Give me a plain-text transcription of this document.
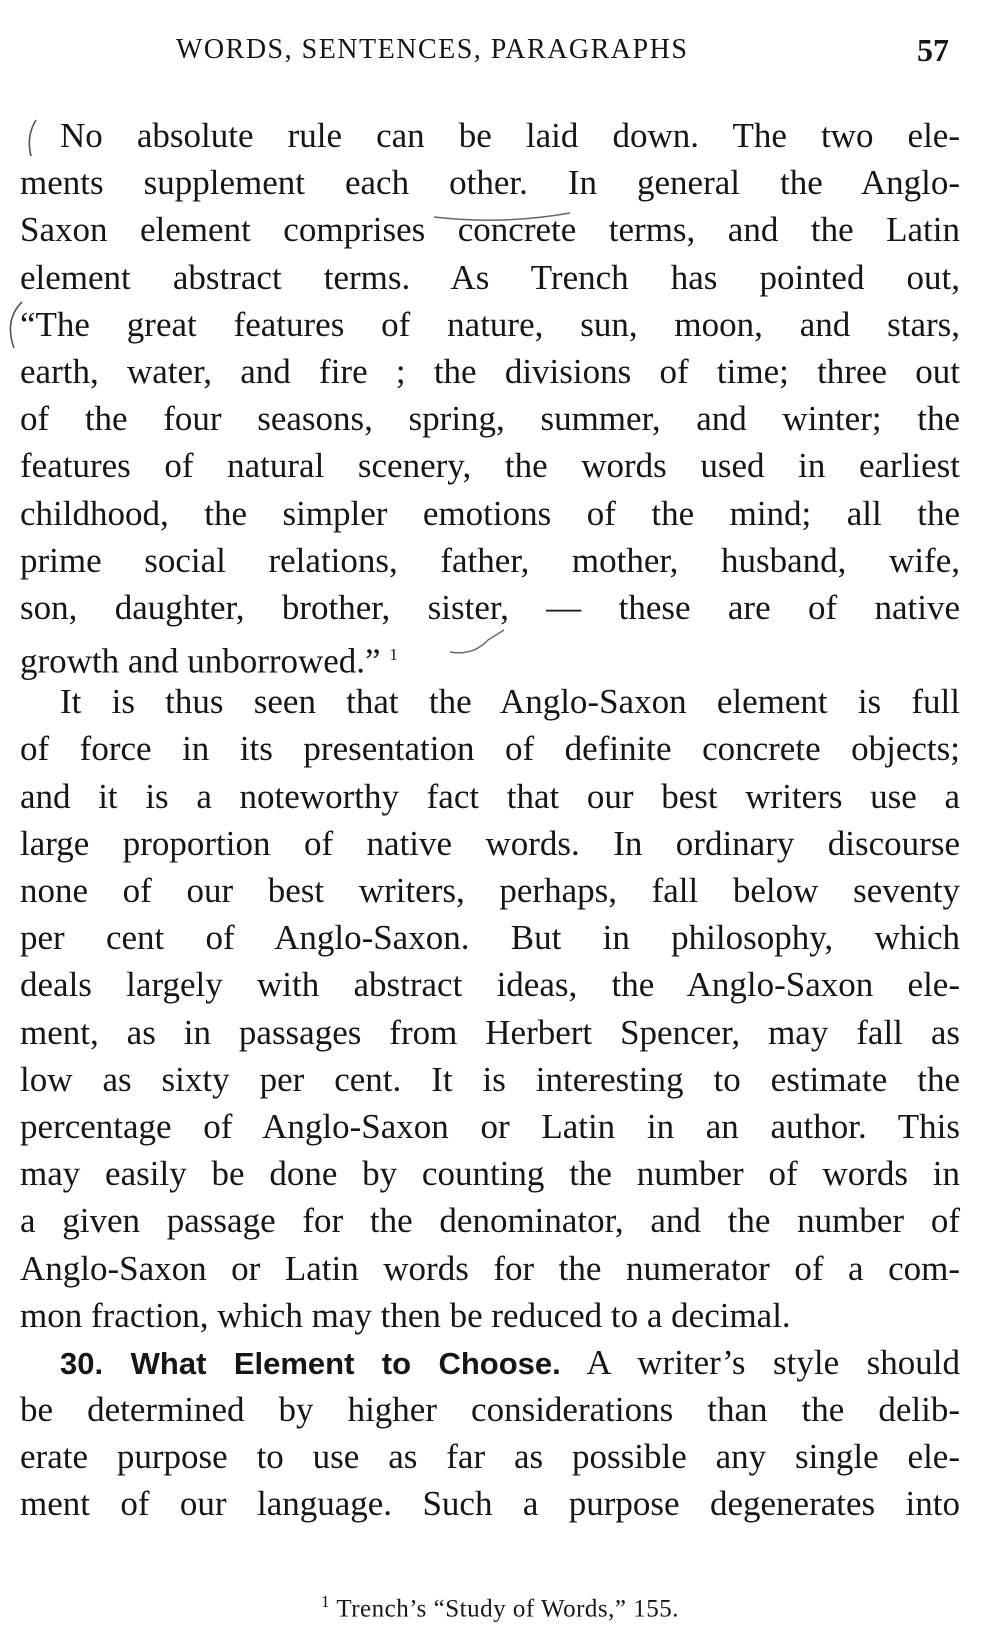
WORDS, SENTENCES, PARAGRAPHS	57
No absolute rule can be laid down. The two ele-
ments supplement each other. In general the Anglo-
Saxon element comprises concrete terms, and the Latin
element abstract terms. As Trench has pointed out,
“The great features of nature, sun, moon, and stars,
earth, water, and fire ; the divisions of time; three out
of the four seasons, spring, summer, and winter; the
features of natural scenery, the words used in earliest
childhood, the simpler emotions of the mind; all the
prime social relations, father, mother, husband, wife,
son, daughter, brother, sister, — these are of native
growth and unborrowed.” $^1$
It is thus seen that the Anglo-Saxon element is full
of force in its presentation of definite concrete objects;
and it is a noteworthy fact that our best writers use a
large proportion of native words. In ordinary discourse
none of our best writers, perhaps, fall below seventy
per cent of Anglo-Saxon. But in philosophy, which
deals largely with abstract ideas, the Anglo-Saxon ele-
ment, as in passages from Herbert Spencer, may fall as
low as sixty per cent. It is interesting to estimate the
percentage of Anglo-Saxon or Latin in an author. This
may easily be done by counting the number of words in
a given passage for the denominator, and the number of
Anglo-Saxon or Latin words for the numerator of a com-
mon fraction, which may then be reduced to a decimal.
30. What Element to Choose. A writer’s style should
be determined by higher considerations than the delib-
erate purpose to use as far as possible any single ele-
ment of our language. Such a purpose degenerates into
$^1$ Trench’s “Study of Words,” 155.
